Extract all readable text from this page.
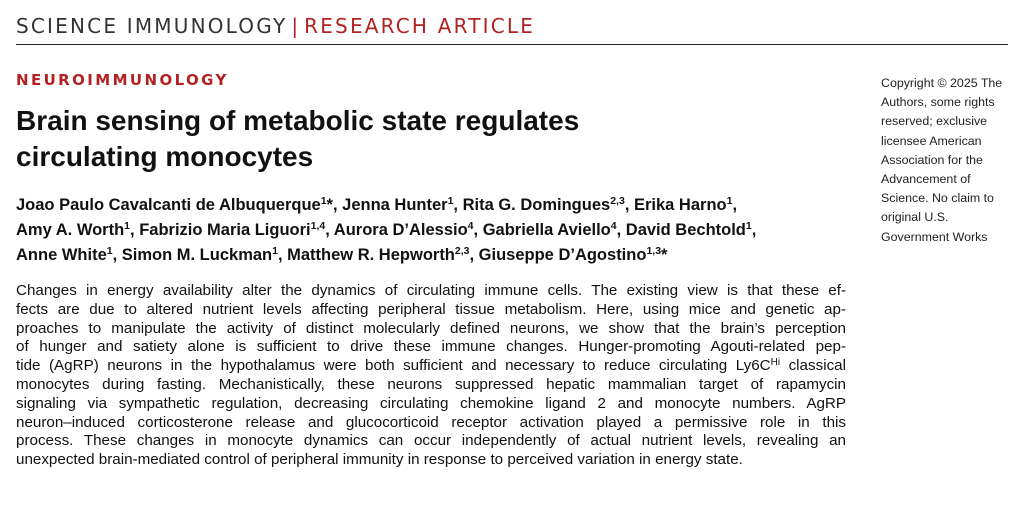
SCIENCE IMMUNOLOGY | RESEARCH ARTICLE
NEUROIMMUNOLOGY
Brain sensing of metabolic state regulates
circulating monocytes
Joao Paulo Cavalcanti de Albuquerque$^1$*, Jenna Hunter$^1$, Rita G. Domingues$^{2,3}$, Erika Harno$^1$,
Amy A. Worth$^1$, Fabrizio Maria Liguori$^{1,4}$, Aurora D’Alessio$^4$, Gabriella Aviello$^4$, David Bechtold$^1$,
Anne White$^1$, Simon M. Luckman$^1$, Matthew R. Hepworth$^{2,3}$, Giuseppe D’Agostino$^{1,3}$*
Changes in energy availability alter the dynamics of circulating immune cells. The existing view is that these ef-
fects are due to altered nutrient levels affecting peripheral tissue metabolism. Here, using mice and genetic ap-
proaches to manipulate the activity of distinct molecularly defined neurons, we show that the brain’s perception
of hunger and satiety alone is sufficient to drive these immune changes. Hunger-promoting Agouti-related pep-
tide (AgRP) neurons in the hypothalamus were both sufficient and necessary to reduce circulating $Ly6C^{Hi}$ classical
monocytes during fasting. Mechanistically, these neurons suppressed hepatic mammalian target of rapamycin
signaling via sympathetic regulation, decreasing circulating chemokine ligand 2 and monocyte numbers. AgRP
neuron–induced corticosterone release and glucocorticoid receptor activation played a permissive role in this
process. These changes in monocyte dynamics can occur independently of actual nutrient levels, revealing an
unexpected brain-mediated control of peripheral immunity in response to perceived variation in energy state.
Copyright © 2025 The
Authors, some rights
reserved; exclusive
licensee American
Association for the
Advancement of
Science. No claim to
original U.S.
Government Works
